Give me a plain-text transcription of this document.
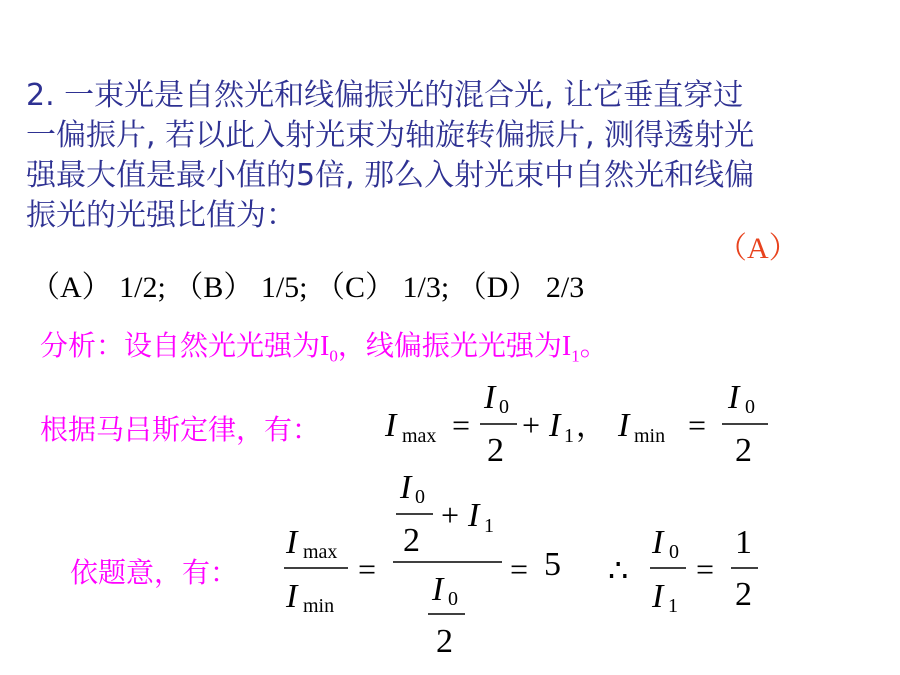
2. 一束光是自然光和线偏振光的混合光, 让它垂直穿过
一偏振片, 若以此入射光束为轴旋转偏振片, 测得透射光
强最大值是最小值的5倍, 那么入射光束中自然光和线偏
振光的光强比值为：
（A）
（A） 1/2; （B） 1/5; （C） 1/3; （D） 2/3
分析：设自然光光强为$I_0$，线偏振光光强为$I_1$。
根据马吕斯定律，有：
依题意，有：
I max =
I 0
2
+ I 1 ， I min =
I 0
2
I max
I min
=
I 0
2
+ I 1
I 0
2
= 5 ∴
I 0
I 1
=
1
2
